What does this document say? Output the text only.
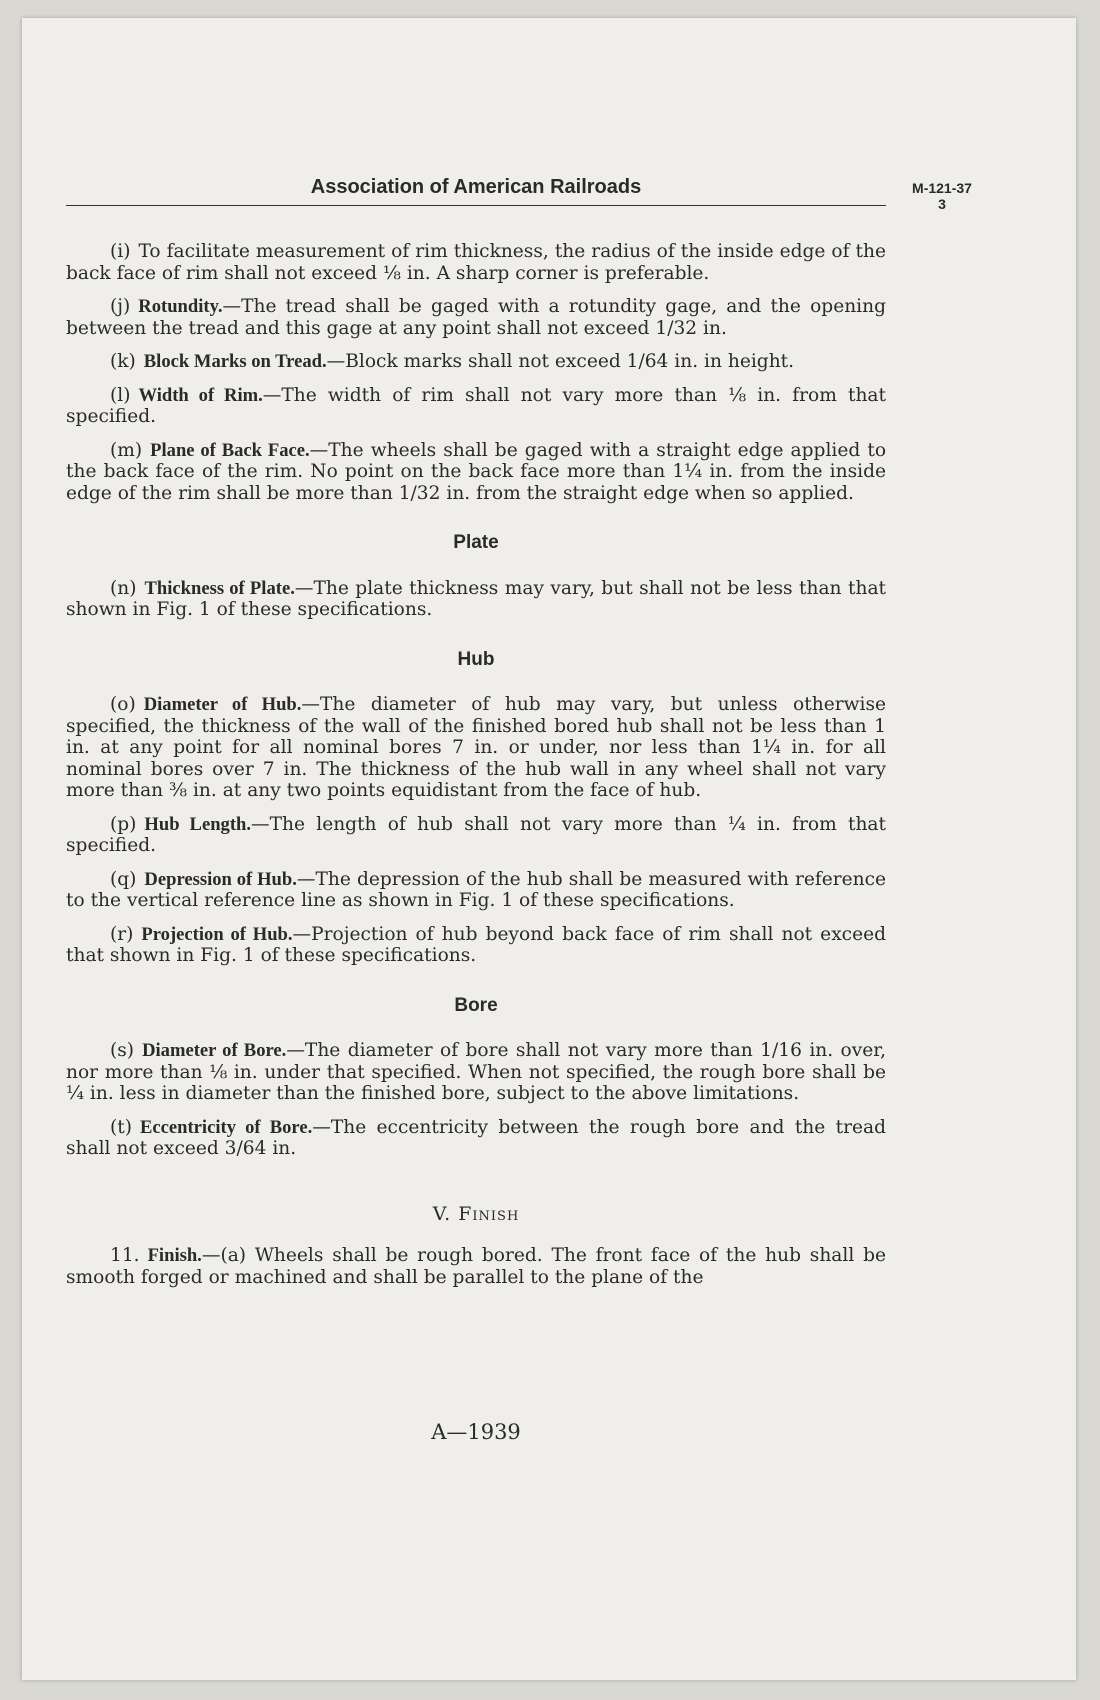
Association of American Railroads	M-121-37
3

(i) To facilitate measurement of rim thickness, the radius of the inside edge of the back face of rim shall not exceed ⅛ in. A sharp corner is preferable.

(j) Rotundity.—The tread shall be gaged with a rotundity gage, and the opening between the tread and this gage at any point shall not exceed 1/32 in.

(k) Block Marks on Tread.—Block marks shall not exceed 1/64 in. in height.

(l) Width of Rim.—The width of rim shall not vary more than ⅛ in. from that specified.

(m) Plane of Back Face.—The wheels shall be gaged with a straight edge applied to the back face of the rim. No point on the back face more than 1¼ in. from the inside edge of the rim shall be more than 1/32 in. from the straight edge when so applied.

Plate

(n) Thickness of Plate.—The plate thickness may vary, but shall not be less than that shown in Fig. 1 of these specifications.

Hub

(o) Diameter of Hub.—The diameter of hub may vary, but unless otherwise specified, the thickness of the wall of the finished bored hub shall not be less than 1 in. at any point for all nominal bores 7 in. or under, nor less than 1¼ in. for all nominal bores over 7 in. The thickness of the hub wall in any wheel shall not vary more than ⅜ in. at any two points equidistant from the face of hub.

(p) Hub Length.—The length of hub shall not vary more than ¼ in. from that specified.

(q) Depression of Hub.—The depression of the hub shall be measured with reference to the vertical reference line as shown in Fig. 1 of these specifications.

(r) Projection of Hub.—Projection of hub beyond back face of rim shall not exceed that shown in Fig. 1 of these specifications.

Bore

(s) Diameter of Bore.—The diameter of bore shall not vary more than 1/16 in. over, nor more than ⅛ in. under that specified. When not specified, the rough bore shall be ¼ in. less in diameter than the finished bore, subject to the above limitations.

(t) Eccentricity of Bore.—The eccentricity between the rough bore and the tread shall not exceed 3/64 in.

V. Finish

11. Finish.—(a) Wheels shall be rough bored. The front face of the hub shall be smooth forged or machined and shall be parallel to the plane of the

A—1939
